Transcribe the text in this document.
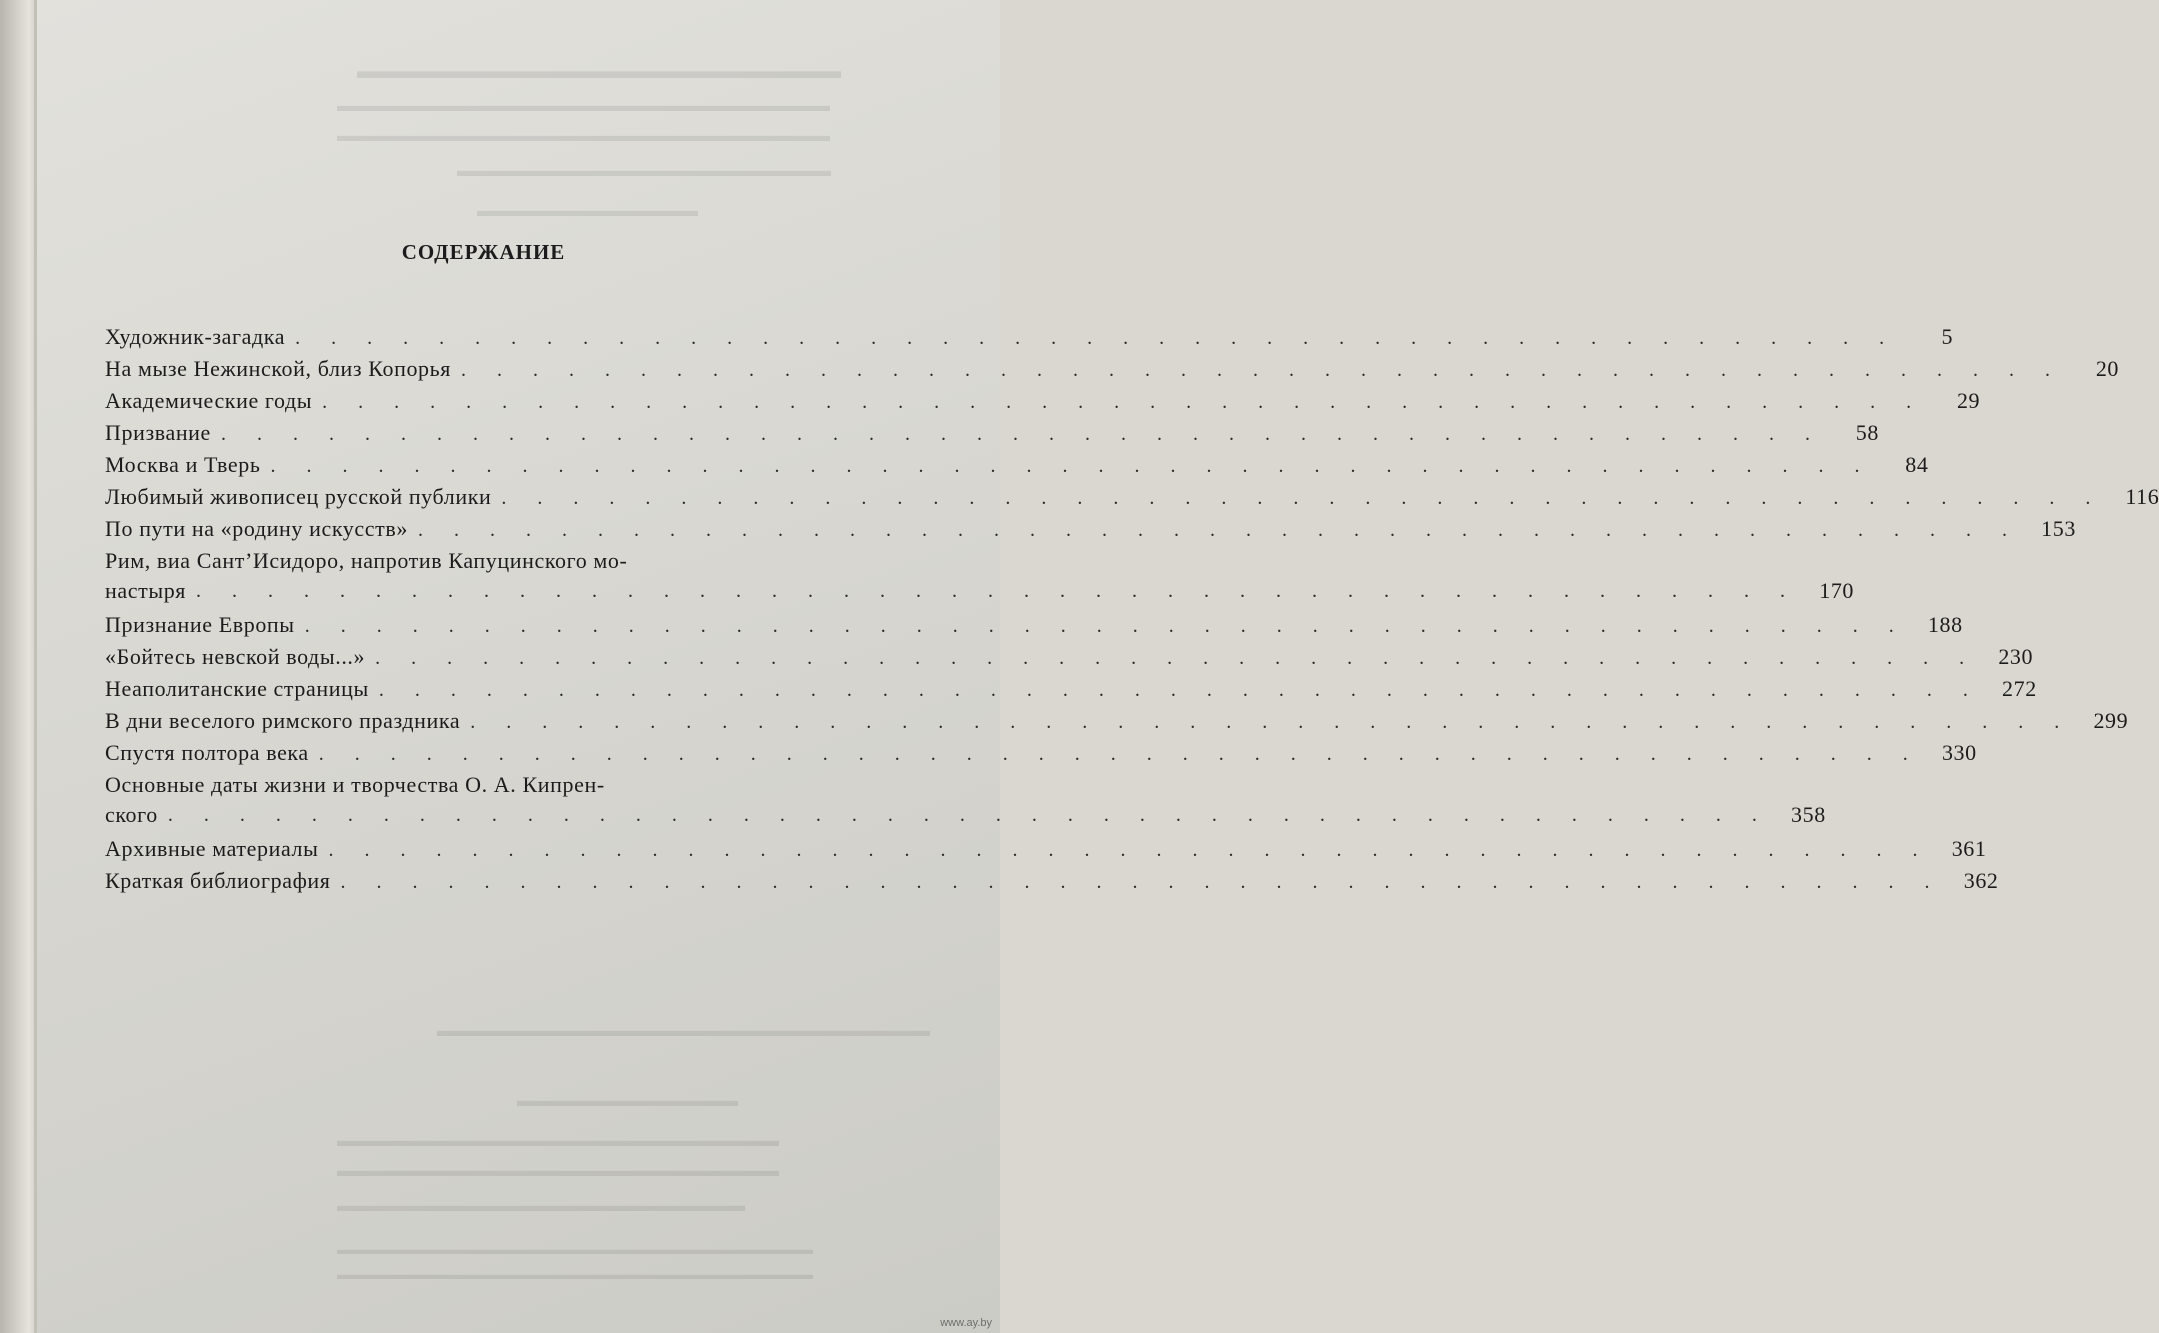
▬▬▬▬▬▬▬▬▬▬▬▬▬▬▬▬▬▬▬▬▬▬
▬▬▬▬▬▬▬▬▬▬▬▬▬▬▬▬▬▬▬▬▬▬▬▬▬▬▬▬▬
▬▬▬▬▬▬▬▬▬▬▬▬▬▬▬▬▬▬▬▬▬▬▬▬▬▬▬▬▬
▬▬▬▬▬▬▬▬▬▬▬▬▬▬▬▬▬▬▬▬▬▬
▬▬▬▬▬▬▬▬▬▬▬▬▬
▬▬▬▬▬▬▬▬▬▬▬▬▬▬▬▬▬▬▬▬▬▬▬▬▬▬▬▬▬
▬▬▬▬▬▬▬▬▬▬▬▬▬
▬▬▬▬▬▬▬▬▬▬▬▬▬▬▬▬▬▬▬▬▬▬▬▬▬▬
▬▬▬▬▬▬▬▬▬▬▬▬▬▬▬▬▬▬▬▬▬▬▬▬▬▬
▬▬▬▬▬▬▬▬▬▬▬▬▬▬▬▬▬▬▬▬▬▬▬▬
▬▬▬▬▬▬▬▬▬▬▬▬▬▬▬▬▬▬▬▬▬▬▬▬▬▬▬▬▬▬▬▬▬▬
▬▬▬▬▬▬▬▬▬▬▬▬▬▬▬▬▬▬▬▬▬▬▬▬▬▬▬▬▬▬▬▬▬▬
СОДЕРЖАНИЕ
Художник-загадка . . . . . . . . . . . . . . . . . . . . . . . . . . . . . . . . . . . . . . . . . . . . .	5
На мызе Нежинской, близ Копорья . . . . . . . . . . . . . . . . . . . . . . . . . . . . . . . . . . . . . . . . . . . . .	20
Академические годы . . . . . . . . . . . . . . . . . . . . . . . . . . . . . . . . . . . . . . . . . . . . .	29
Призвание . . . . . . . . . . . . . . . . . . . . . . . . . . . . . . . . . . . . . . . . . . . . .	58
Москва и Тверь . . . . . . . . . . . . . . . . . . . . . . . . . . . . . . . . . . . . . . . . . . . . .	84
Любимый живописец русской публики . . . . . . . . . . . . . . . . . . . . . . . . . . . . . . . . . . . . . . . . . . . . .	116
По пути на «родину искусств» . . . . . . . . . . . . . . . . . . . . . . . . . . . . . . . . . . . . . . . . . . . . . 153
Рим, виа Сант’Исидоро, напротив Капуцинского мо-
настыря . . . . . . . . . . . . . . . . . . . . . . . . . . . . . . . . . . . . . . . . . . . . . 170
Признание Европы . . . . . . . . . . . . . . . . . . . . . . . . . . . . . . . . . . . . . . . . . . . . . 188
«Бойтесь невской воды...» . . . . . . . . . . . . . . . . . . . . . . . . . . . . . . . . . . . . . . . . . . . . . 230
Неаполитанские страницы . . . . . . . . . . . . . . . . . . . . . . . . . . . . . . . . . . . . . . . . . . . . . 272
В дни веселого римского праздника . . . . . . . . . . . . . . . . . . . . . . . . . . . . . . . . . . . . . . . . . . . . . 299
Спустя полтора века . . . . . . . . . . . . . . . . . . . . . . . . . . . . . . . . . . . . . . . . . . . . . 330
Основные даты жизни и творчества О. А. Кипрен-
ского . . . . . . . . . . . . . . . . . . . . . . . . . . . . . . . . . . . . . . . . . . . . . 358
Архивные материалы . . . . . . . . . . . . . . . . . . . . . . . . . . . . . . . . . . . . . . . . . . . . . 361
Краткая библиография . . . . . . . . . . . . . . . . . . . . . . . . . . . . . . . . . . . . . . . . . . . . . 362
www.ay.by
